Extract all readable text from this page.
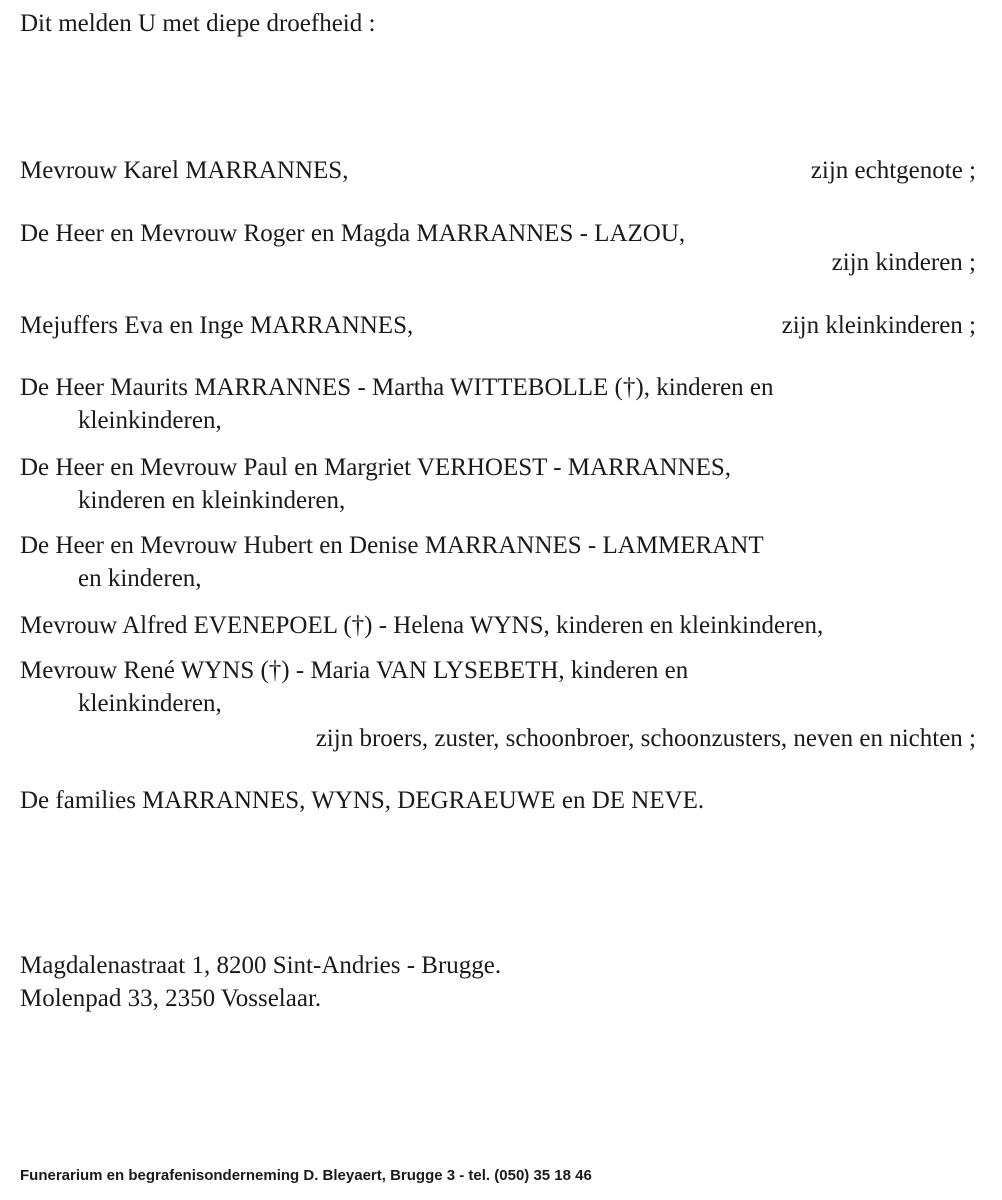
Dit melden U met diepe droefheid :
Mevrouw Karel MARRANNES,	zijn echtgenote ;
De Heer en Mevrouw Roger en Magda MARRANNES - LAZOU,
zijn kinderen ;
Mejuffers Eva en Inge MARRANNES,	zijn kleinkinderen ;
De Heer Maurits MARRANNES - Martha WITTEBOLLE (†), kinderen en
kleinkinderen,
De Heer en Mevrouw Paul en Margriet VERHOEST - MARRANNES,
kinderen en kleinkinderen,
De Heer en Mevrouw Hubert en Denise MARRANNES - LAMMERANT
en kinderen,
Mevrouw Alfred EVENEPOEL (†) - Helena WYNS, kinderen en kleinkinderen,
Mevrouw René WYNS (†) - Maria VAN LYSEBETH, kinderen en
kleinkinderen,
zijn broers, zuster, schoonbroer, schoonzusters, neven en nichten ;
De families MARRANNES, WYNS, DEGRAEUWE en DE NEVE.
Magdalenastraat 1, 8200 Sint-Andries - Brugge.
Molenpad 33, 2350 Vosselaar.
Funerarium en begrafenisonderneming D. Bleyaert, Brugge 3 - tel. (050) 35 18 46
